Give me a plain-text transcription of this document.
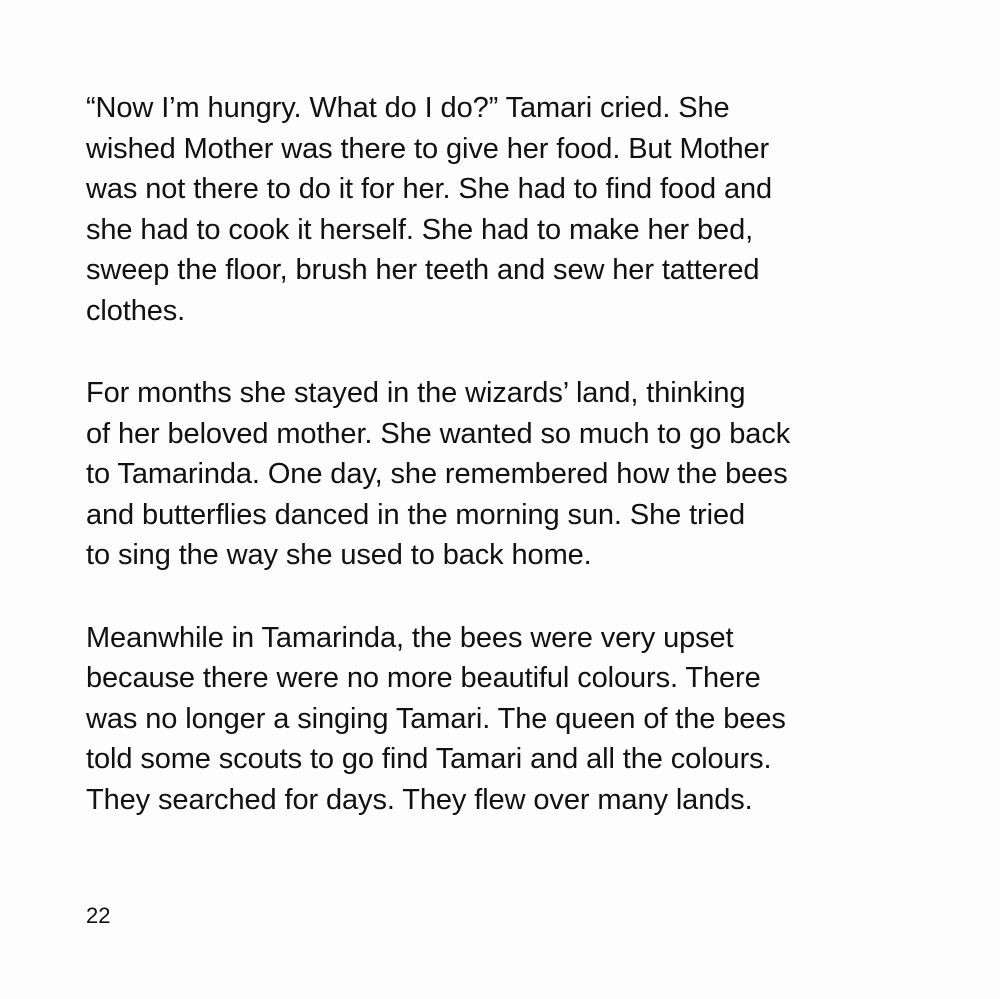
“Now I’m hungry. What do I do?” Tamari cried. She
wished Mother was there to give her food. But Mother
was not there to do it for her. She had to find food and
she had to cook it herself. She had to make her bed,
sweep the floor, brush her teeth and sew her tattered
clothes.

For months she stayed in the wizards’ land, thinking
of her beloved mother. She wanted so much to go back
to Tamarinda. One day, she remembered how the bees
and butterflies danced in the morning sun. She tried
to sing the way she used to back home.

Meanwhile in Tamarinda, the bees were very upset
because there were no more beautiful colours. There
was no longer a singing Tamari. The queen of the bees
told some scouts to go find Tamari and all the colours.
They searched for days. They flew over many lands.

22
